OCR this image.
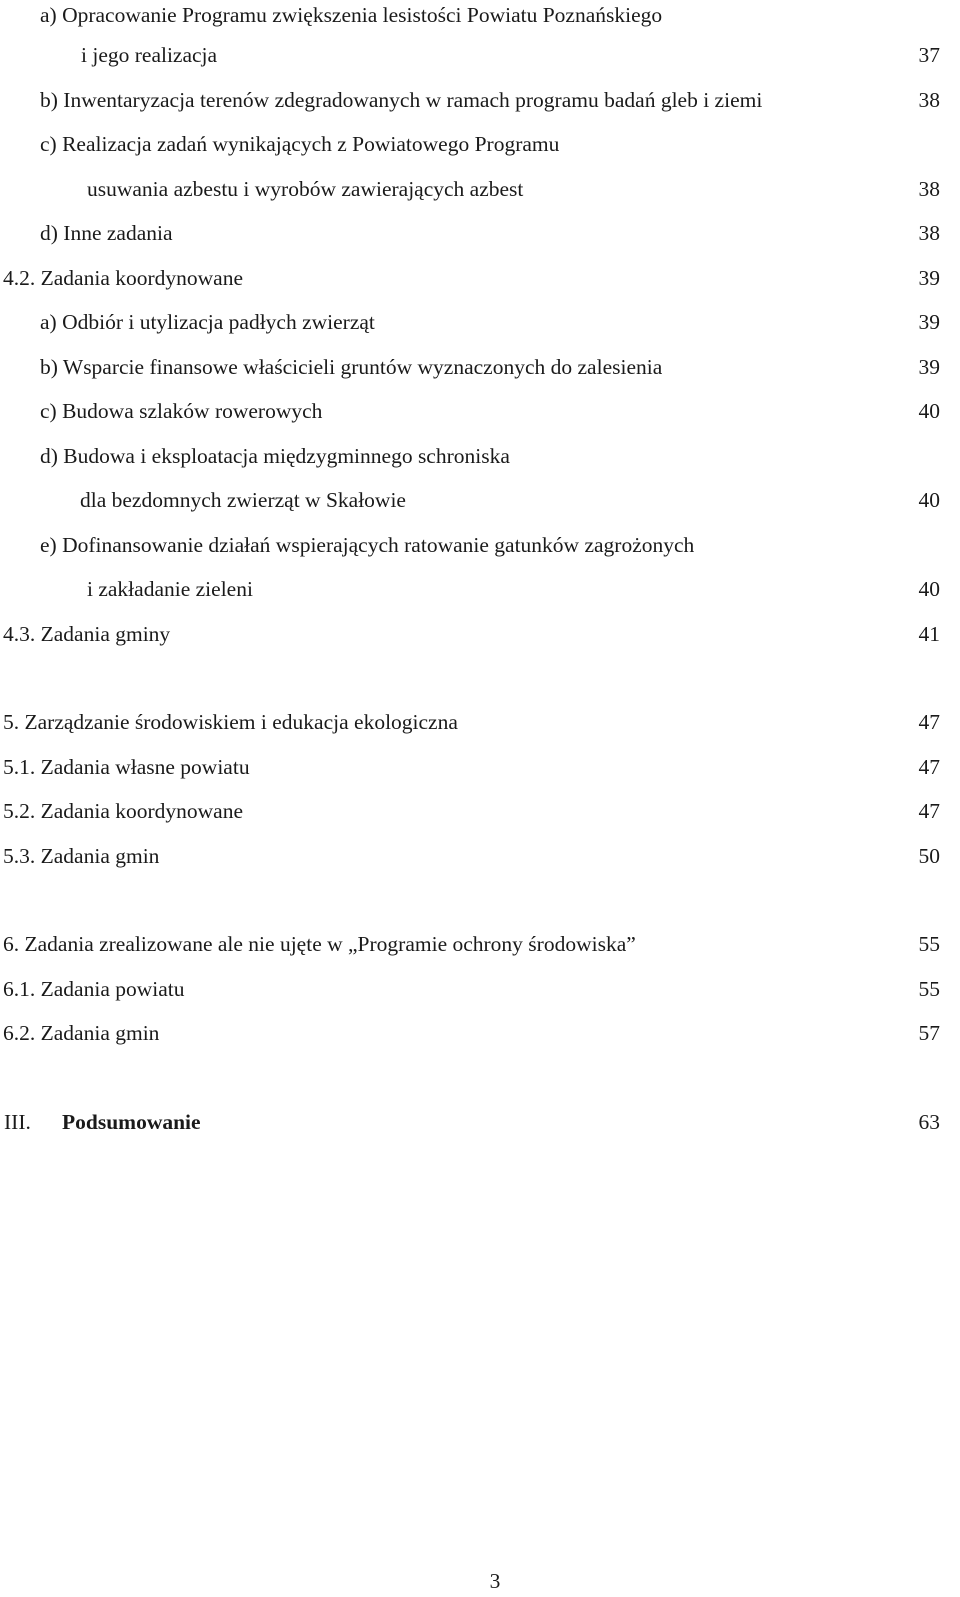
a) Opracowanie Programu zwiększenia lesistości Powiatu Poznańskiego
i jego realizacja	37
b) Inwentaryzacja terenów zdegradowanych w ramach programu badań gleb i ziemi	38
c) Realizacja zadań wynikających z Powiatowego Programu
usuwania azbestu i wyrobów zawierających azbest	38
d) Inne zadania	38
4.2. Zadania koordynowane	39
a) Odbiór i utylizacja padłych zwierząt	39
b) Wsparcie finansowe właścicieli gruntów wyznaczonych do zalesienia	39
c) Budowa szlaków rowerowych	40
d) Budowa i eksploatacja międzygminnego schroniska
dla bezdomnych zwierząt w Skałowie	40
e) Dofinansowanie działań wspierających ratowanie gatunków zagrożonych
i zakładanie zieleni	40
4.3. Zadania gminy	41
5. Zarządzanie środowiskiem i edukacja ekologiczna	47
5.1. Zadania własne powiatu	47
5.2. Zadania koordynowane	47
5.3. Zadania gmin	50
6. Zadania zrealizowane ale nie ujęte w „Programie ochrony środowiska”	55
6.1. Zadania powiatu	55
6.2. Zadania gmin	57
III. Podsumowanie	63
3
